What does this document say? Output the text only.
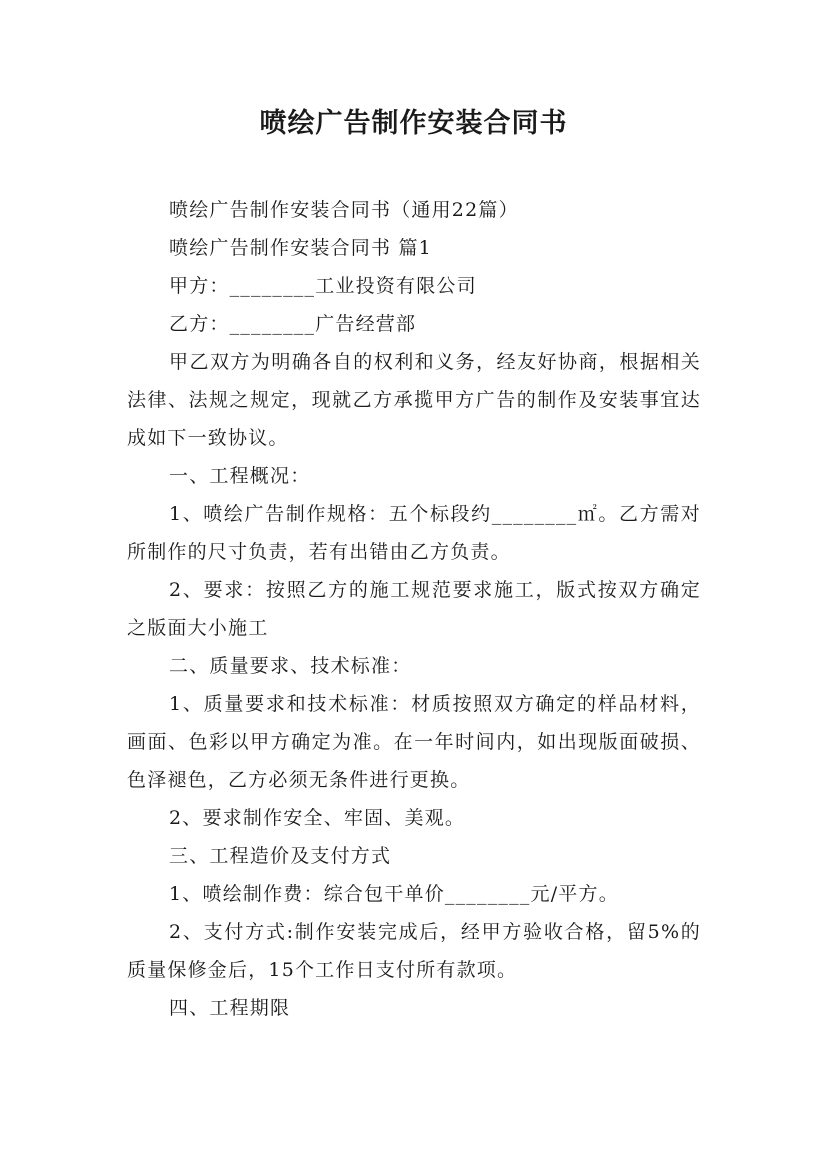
喷绘广告制作安装合同书

喷绘广告制作安装合同书（通用22篇）

喷绘广告制作安装合同书 篇1

甲方：________工业投资有限公司

乙方：________广告经营部

甲乙双方为明确各自的权利和义务，经友好协商，根据相关法律、法规之规定，现就乙方承揽甲方广告的制作及安装事宜达成如下一致协议。

一、工程概况：

1、喷绘广告制作规格：五个标段约________㎡。乙方需对所制作的尺寸负责，若有出错由乙方负责。

2、要求：按照乙方的施工规范要求施工，版式按双方确定之版面大小施工

二、质量要求、技术标准：

1、质量要求和技术标准：材质按照双方确定的样品材料，画面、色彩以甲方确定为准。在一年时间内，如出现版面破损、色泽褪色，乙方必须无条件进行更换。

2、要求制作安全、牢固、美观。

三、工程造价及支付方式

1、喷绘制作费：综合包干单价________元/平方。

2、支付方式:制作安装完成后，经甲方验收合格，留5%的质量保修金后，15个工作日支付所有款项。

四、工程期限
